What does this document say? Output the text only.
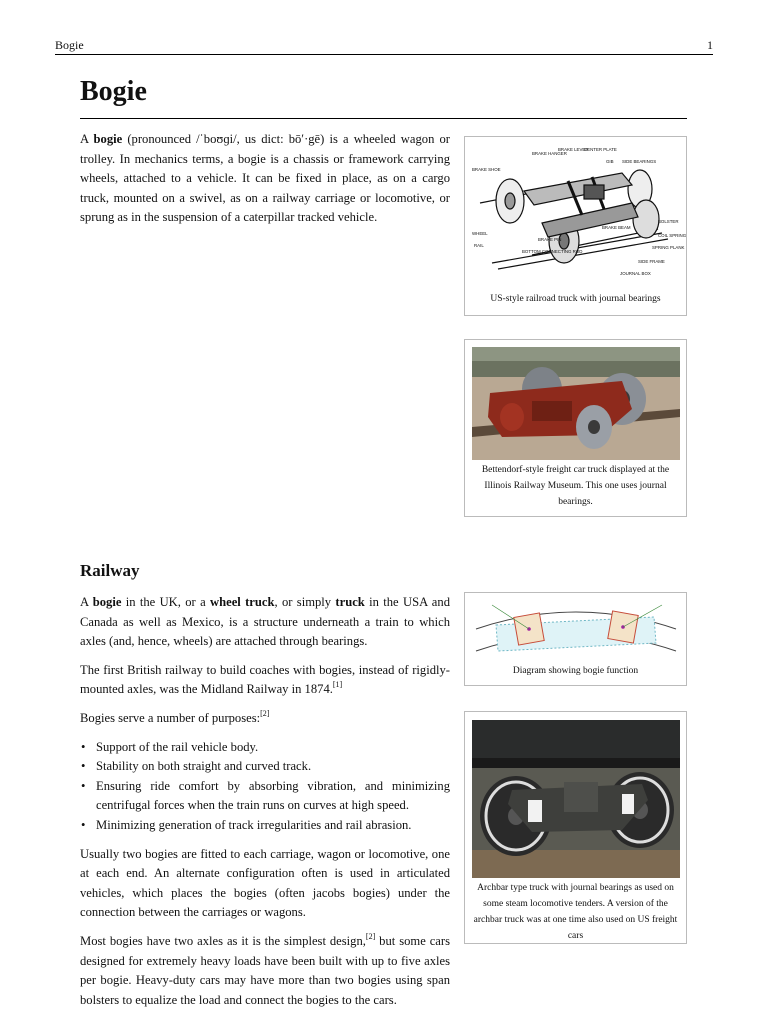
Bogie	1
Bogie

A bogie (pronounced /ˈboʊɡi/, us dict: bō′·gē) is a wheeled wagon or trolley. In mechanics terms, a bogie is a chassis or framework carrying wheels, attached to a vehicle. It can be fixed in place, as on a cargo truck, mounted on a swivel, as on a railway carriage or locomotive, or sprung as in the suspension of a caterpillar tracked vehicle.

Railway

A bogie in the UK, or a wheel truck, or simply truck in the USA and Canada as well as Mexico, is a structure underneath a train to which axles (and, hence, wheels) are attached through bearings.

The first British railway to build coaches with bogies, instead of rigidly-mounted axles, was the Midland Railway in 1874.[1]

Bogies serve a number of purposes:[2]

• Support of the rail vehicle body.
• Stability on both straight and curved track.
• Ensuring ride comfort by absorbing vibration, and minimizing centrifugal forces when the train runs on curves at high speed.
• Minimizing generation of track irregularities and rail abrasion.

Usually two bogies are fitted to each carriage, wagon or locomotive, one at each end. An alternate configuration often is used in articulated vehicles, which places the bogies (often jacobs bogies) under the connection between the carriages or wagons.

Most bogies have two axles as it is the simplest design,[2] but some cars designed for extremely heavy loads have been built with up to five axles per bogie. Heavy-duty cars may have more than two bogies using span bolsters to equalize the load and connect the bogies to the cars.

BRAKE HANGER
BRAKE LEVER
CENTER PLATE
GIB SIDE BEARINGS
BRAKE SHOE
BOLSTER
BRAKE BEAM
WHEEL
BRAKE PIN
COIL SPRING
RAIL
BOTTOM CONNECTING ROD
SPRING PLANK
SIDE FRAME
JOURNAL BOX
US-style railroad truck with journal bearings
Bettendorf-style freight car truck displayed at the Illinois Railway Museum. This one uses journal bearings.
Diagram showing bogie function
Archbar type truck with journal bearings as used on some steam locomotive tenders. A version of the archbar truck was at one time also used on US freight cars
